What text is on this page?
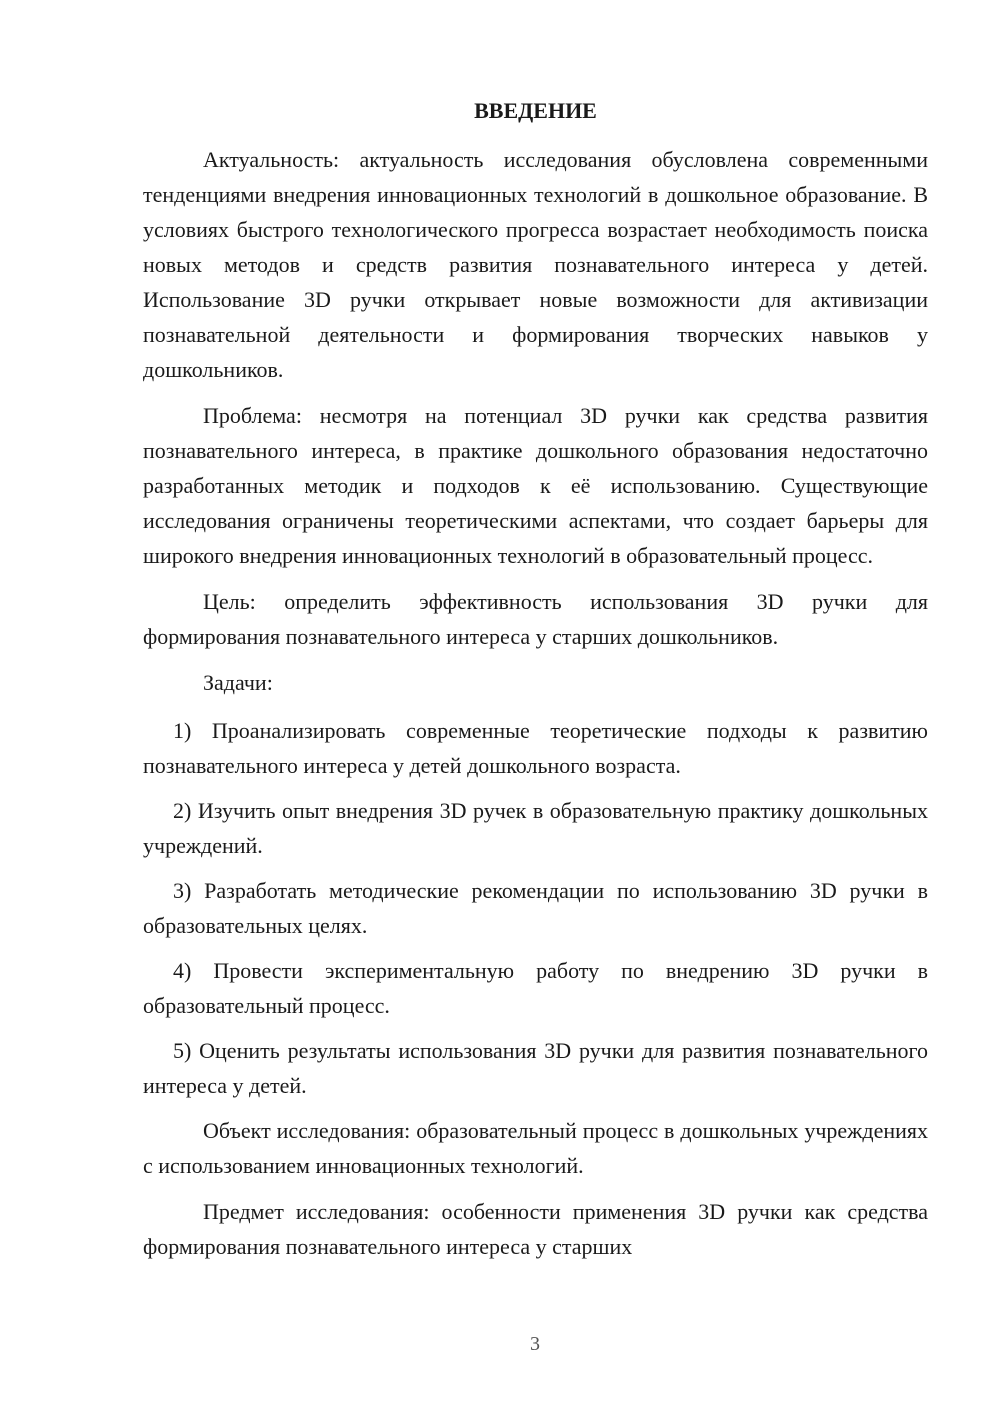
ВВЕДЕНИЕ

Актуальность: актуальность исследования обусловлена современными тенденциями внедрения инновационных технологий в дошкольное образование. В условиях быстрого технологического прогресса возрастает необходимость поиска новых методов и средств развития познавательного интереса у детей. Использование 3D ручки открывает новые возможности для активизации познавательной деятельности и формирования творческих навыков у дошкольников.

Проблема: несмотря на потенциал 3D ручки как средства развития познавательного интереса, в практике дошкольного образования недостаточно разработанных методик и подходов к её использованию. Существующие исследования ограничены теоретическими аспектами, что создает барьеры для широкого внедрения инновационных технологий в образовательный процесс.

Цель: определить эффективность использования 3D ручки для формирования познавательного интереса у старших дошкольников.

Задачи:

1) Проанализировать современные теоретические подходы к развитию познавательного интереса у детей дошкольного возраста.

2) Изучить опыт внедрения 3D ручек в образовательную практику дошкольных учреждений.

3) Разработать методические рекомендации по использованию 3D ручки в образовательных целях.

4) Провести экспериментальную работу по внедрению 3D ручки в образовательный процесс.

5) Оценить результаты использования 3D ручки для развития познавательного интереса у детей.

Объект исследования: образовательный процесс в дошкольных учреждениях с использованием инновационных технологий.

Предмет исследования: особенности применения 3D ручки как средства формирования познавательного интереса у старших

3
